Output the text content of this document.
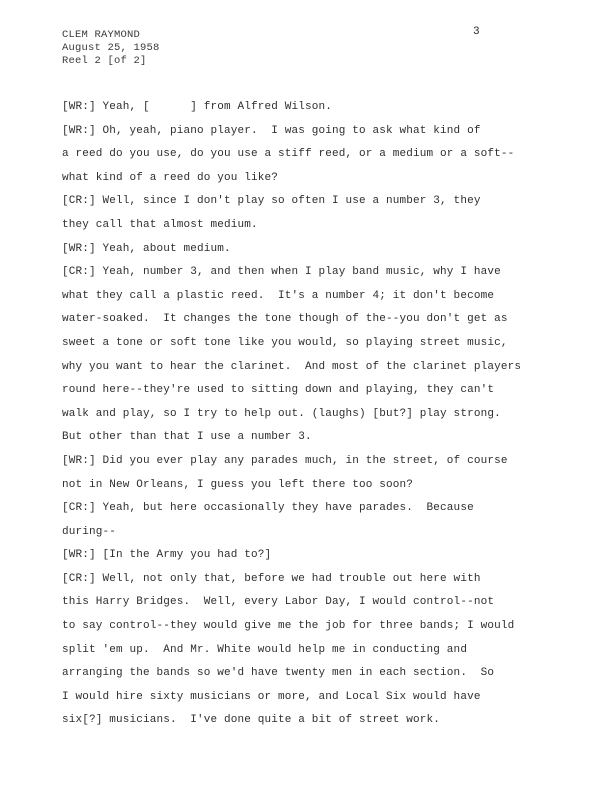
3
CLEM RAYMOND
August 25, 1958
Reel 2 [of 2]
[WR:] Yeah, [      ] from Alfred Wilson.
[WR:] Oh, yeah, piano player.  I was going to ask what kind of
a reed do you use, do you use a stiff reed, or a medium or a soft--
what kind of a reed do you like?
[CR:] Well, since I don't play so often I use a number 3, they
they call that almost medium.
[WR:] Yeah, about medium.
[CR:] Yeah, number 3, and then when I play band music, why I have
what they call a plastic reed.  It's a number 4; it don't become
water-soaked.  It changes the tone though of the--you don't get as
sweet a tone or soft tone like you would, so playing street music,
why you want to hear the clarinet.  And most of the clarinet players
round here--they're used to sitting down and playing, they can't
walk and play, so I try to help out. (laughs) [but?] play strong.
But other than that I use a number 3.
[WR:] Did you ever play any parades much, in the street, of course
not in New Orleans, I guess you left there too soon?
[CR:] Yeah, but here occasionally they have parades.  Because
during--
[WR:] [In the Army you had to?]
[CR:] Well, not only that, before we had trouble out here with
this Harry Bridges.  Well, every Labor Day, I would control--not
to say control--they would give me the job for three bands; I would
split 'em up.  And Mr. White would help me in conducting and
arranging the bands so we'd have twenty men in each section.  So
I would hire sixty musicians or more, and Local Six would have
six[?] musicians.  I've done quite a bit of street work.
